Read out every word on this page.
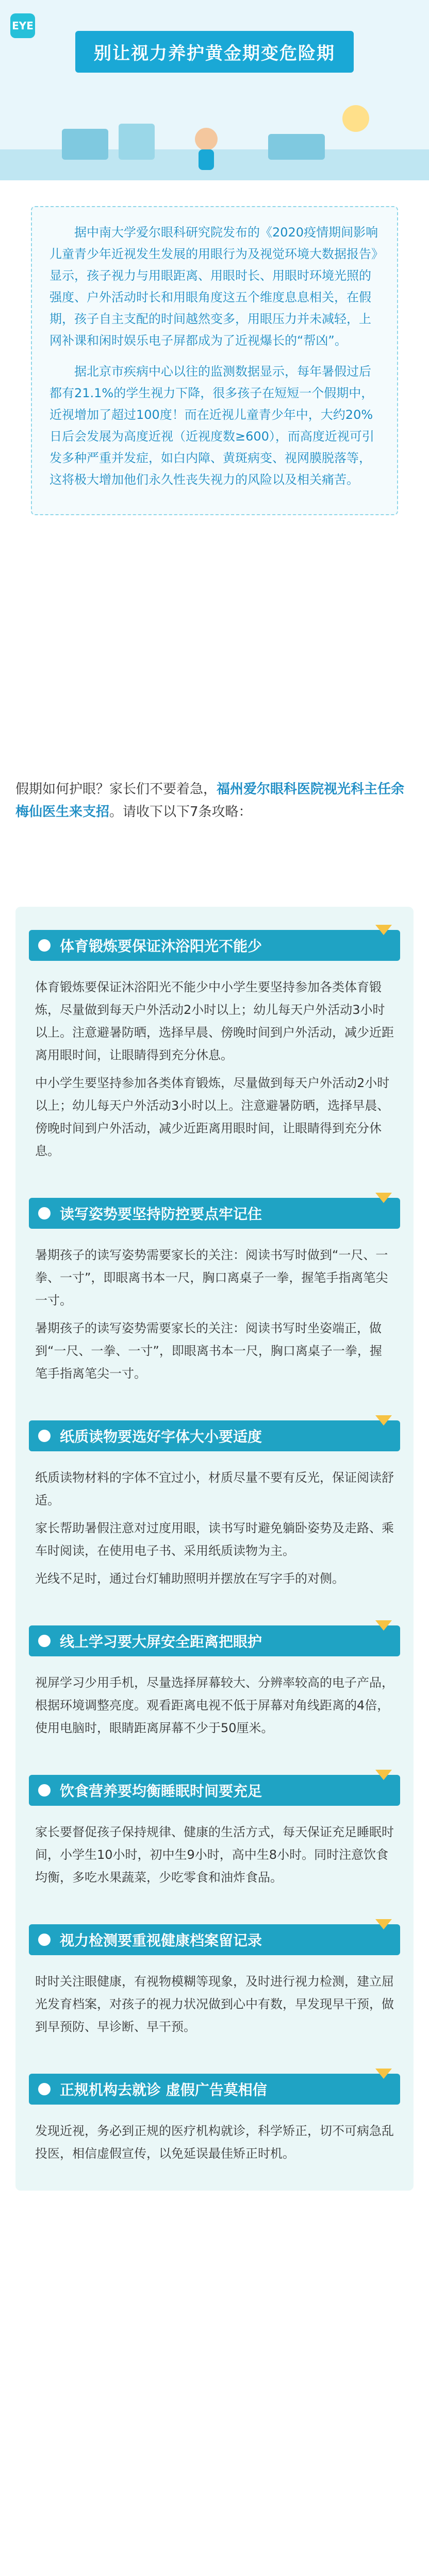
EYE
别让视力养护黄金期变危险期

据中南大学爱尔眼科研究院发布的《2020疫情期间影响儿童青少年近视发生发展的用眼行为及视觉环境大数据报告》显示，孩子视力与用眼距离、用眼时长、用眼时环境光照的强度、户外活动时长和用眼角度这五个维度息息相关，在假期，孩子自主支配的时间越然变多，用眼压力并未减轻，上网补课和闲时娱乐电子屏都成为了近视爆长的“帮凶”。

据北京市疾病中心以往的监测数据显示，每年暑假过后都有21.1%的学生视力下降，很多孩子在短短一个假期中，近视增加了超过100度！而在近视儿童青少年中，大约20%日后会发展为高度近视（近视度数≥600），而高度近视可引发多种严重并发症，如白内障、黄斑病变、视网膜脱落等，这将极大增加他们永久性丧失视力的风险以及相关痛苦。

假期如何护眼？家长们不要着急，福州爱尔眼科医院视光科主任余梅仙医生来支招。请收下以下7条攻略：
体育锻炼要保证沐浴阳光不能少

体育锻炼要保证沐浴阳光不能少中小学生要坚持参加各类体育锻炼，尽量做到每天户外活动2小时以上；幼儿每天户外活动3小时以上。注意避暑防晒，选择早晨、傍晚时间到户外活动，减少近距离用眼时间，让眼睛得到充分休息。

中小学生要坚持参加各类体育锻炼，尽量做到每天户外活动2小时以上；幼儿每天户外活动3小时以上。注意避暑防晒，选择早晨、傍晚时间到户外活动，减少近距离用眼时间，让眼睛得到充分休息。

读写姿势要坚持防控要点牢记住

暑期孩子的读写姿势需要家长的关注：阅读书写时做到“一尺、一拳、一寸”，即眼离书本一尺，胸口离桌子一拳，握笔手指离笔尖一寸。

暑期孩子的读写姿势需要家长的关注：阅读书写时坐姿端正，做到“一尺、一拳、一寸”，即眼离书本一尺，胸口离桌子一拳，握笔手指离笔尖一寸。

纸质读物要选好字体大小要适度

纸质读物材料的字体不宜过小，材质尽量不要有反光，保证阅读舒适。

家长帮助暑假注意对过度用眼，读书写时避免躺卧姿势及走路、乘车时阅读，在使用电子书、采用纸质读物为主。

光线不足时，通过台灯辅助照明并摆放在写字手的对侧。

线上学习要大屏安全距离把眼护

视屏学习少用手机，尽量选择屏幕较大、分辨率较高的电子产品，根据环境调整亮度。观看距离电视不低于屏幕对角线距离的4倍，使用电脑时，眼睛距离屏幕不少于50厘米。

饮食营养要均衡睡眠时间要充足

家长要督促孩子保持规律、健康的生活方式，每天保证充足睡眠时间，小学生10小时，初中生9小时，高中生8小时。同时注意饮食均衡，多吃水果蔬菜，少吃零食和油炸食品。

视力检测要重视健康档案留记录

时时关注眼健康，有视物模糊等现象，及时进行视力检测，建立屈光发育档案，对孩子的视力状况做到心中有数，早发现早干预，做到早预防、早诊断、早干预。

正规机构去就诊 虚假广告莫相信

发现近视，务必到正规的医疗机构就诊，科学矫正，切不可病急乱投医，相信虚假宣传，以免延误最佳矫正时机。
